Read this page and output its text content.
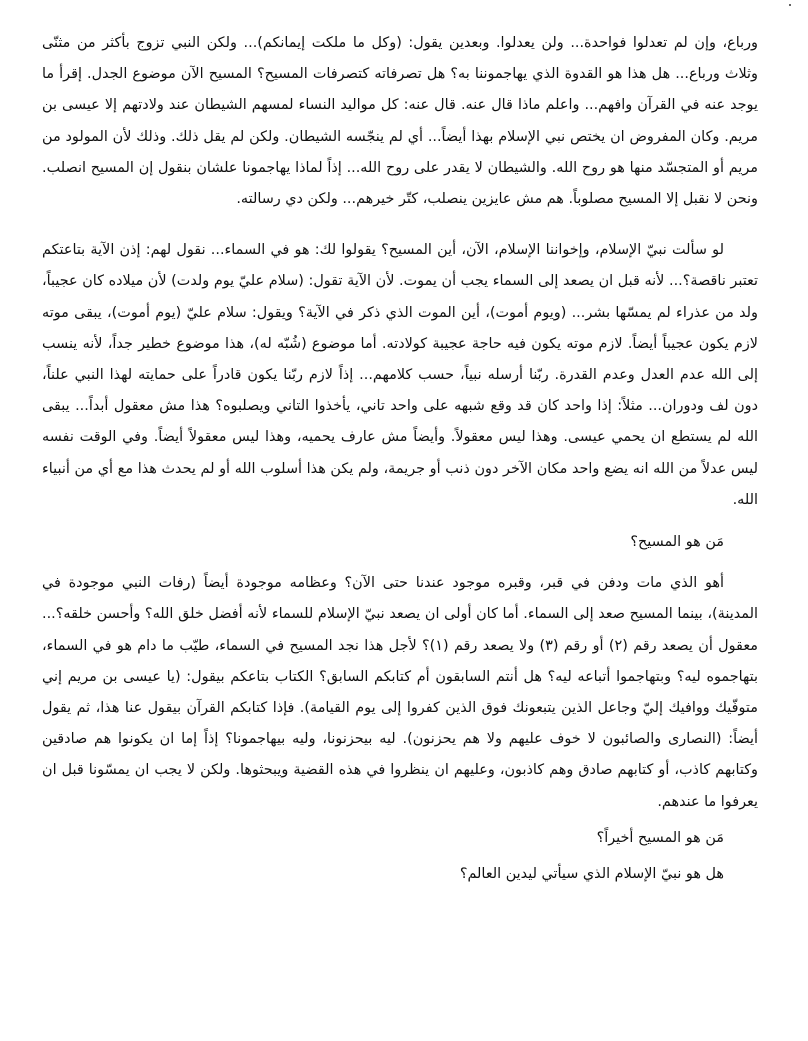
ورباع، وإن لم تعدلوا فواحدة... ولن يعدلوا. وبعدين يقول: (وكل ما ملكت إيمانكم)... ولكن النبي تزوج بأكثر من مثنّى وثلاث ورباع... هل هذا هو القدوة الذي يهاجموننا به؟ هل تصرفاته كتصرفات المسيح؟ المسيح الآن موضوع الجدل. إقرأ ما يوجد عنه في القرآن وافهم... واعلم ماذا قال عنه. قال عنه: كل مواليد النساء لمسهم الشيطان عند ولادتهم إلا عيسى بن مريم. وكان المفروض ان يختص نبي الإسلام بهذا أيضاً... أي لم ينجّسه الشيطان. ولكن لم يقل ذلك. وذلك لأن المولود من مريم أو المتجسّد منها هو روح الله. والشيطان لا يقدر على روح الله... إذاً لماذا يهاجمونا علشان بنقول إن المسيح انصلب. ونحن لا نقبل إلا المسيح مصلوباً. هم مش عايزين ينصلب، كتّر خيرهم... ولكن دي رسالته.

لو سألت نبيّ الإسلام، وإخواننا الإسلام، الآن، أين المسيح؟ يقولوا لك: هو في السماء... نقول لهم: إذن الآية بتاعتكم تعتبر ناقصة؟... لأنه قبل ان يصعد إلى السماء يجب أن يموت. لأن الآية تقول: (سلام عليّ يوم ولدت) لأن ميلاده كان عجيباً، ولد من عذراء لم يمسّها بشر... (ويوم أموت)، أين الموت الذي ذكر في الآية؟ ويقول: سلام عليّ (يوم أموت)، يبقى موته لازم يكون عجيباً أيضاً. لازم موته يكون فيه حاجة عجيبة كولادته. أما موضوع (شُبّه له)، هذا موضوع خطير جداً، لأنه ينسب إلى الله عدم العدل وعدم القدرة. ربّنا أرسله نبياً، حسب كلامهم... إذاً لازم ربّنا يكون قادراً على حمايته لهذا النبي علناً، دون لف ودوران... مثلاً: إذا واحد كان قد وقع شبهه على واحد تاني، يأخذوا التاني ويصلبوه؟ هذا مش معقول أبداً... يبقى الله لم يستطع ان يحمي عيسى. وهذا ليس معقولاً. وأيضاً مش عارف يحميه، وهذا ليس معقولاً أيضاً. وفي الوقت نفسه ليس عدلاً من الله انه يضع واحد مكان الآخر دون ذنب أو جريمة، ولم يكن هذا أسلوب الله أو لم يحدث هذا مع أي من أنبياء الله.

مَن هو المسيح؟

أهو الذي مات ودفن في قبر، وقبره موجود عندنا حتى الآن؟ وعظامه موجودة أيضاً (رفات النبي موجودة في المدينة)، بينما المسيح صعد إلى السماء. أما كان أولى ان يصعد نبيّ الإسلام للسماء لأنه أفضل خلق الله؟ وأحسن خلقه؟... معقول أن يصعد رقم (٢) أو رقم (٣) ولا يصعد رقم (١)؟ لأجل هذا نجد المسيح في السماء، طيّب ما دام هو في السماء، بتهاجموه ليه؟ وبتهاجموا أتباعه ليه؟ هل أنتم السابقون أم كتابكم السابق؟ الكتاب بتاعكم بيقول: (يا عيسى بن مريم إني متوفّيك ووافيك إليّ وجاعل الذين يتبعونك فوق الذين كفروا إلى يوم القيامة). فإذا كتابكم القرآن بيقول عنا هذا، ثم يقول أيضاً: (النصارى والصائبون لا خوف عليهم ولا هم يحزنون). ليه بيحزنونا، وليه بيهاجمونا؟ إذاً إما ان يكونوا هم صادقين وكتابهم كاذب، أو كتابهم صادق وهم كاذبون، وعليهم ان ينظروا في هذه القضية ويبحثوها. ولكن لا يجب ان يمسّونا قبل ان يعرفوا ما عندهم.

مَن هو المسيح أخيراً؟

هل هو نبيّ الإسلام الذي سيأتي ليدين العالم؟
